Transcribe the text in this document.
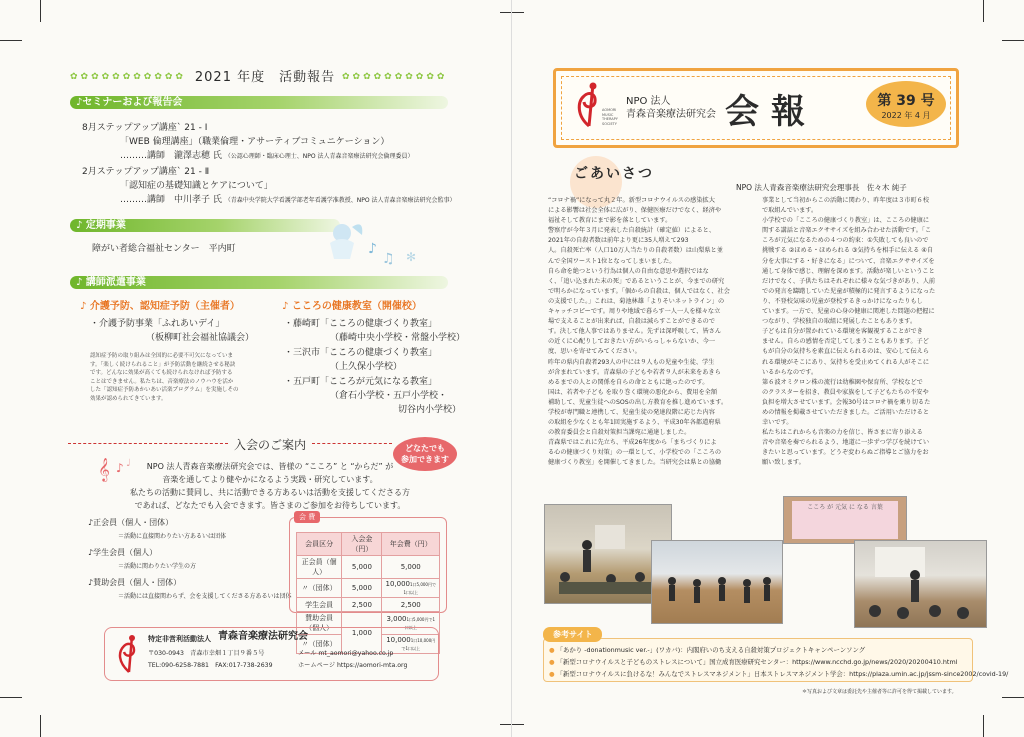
✿✿✿✿✿✿✿✿✿✿✿ 2021 年度　活動報告 ✿✿✿✿✿✿✿✿✿✿
♪セミナーおよび報告会
8月ステップアップ講座` 21 - Ⅰ
「WEB 倫理講座」（職業倫理・アサーティブコミュニケーション）
………講師　瀧澤志穂 氏 （公認心理師・臨床心理士、NPO 法人青森音楽療法研究会倫理委員）
2月ステップアップ講座` 21 - Ⅱ
「認知症の基礎知識とケアについて」
………講師　中川孝子 氏 （青森中央学院大学看護学部老年看護学准教授、NPO 法人青森音楽療法研究会監事）
♪ 定期事業
障がい者総合福祉センター　平内町	♪
♫ ✻
♪ 講師派遣事業
♪ 介護予防、認知症予防（主催者）
・介護予防事業「ふれあいデイ」
（板柳町社会福祉協議会）
認知症予防の取り組みは全国的に必要不可欠になっていま
す。「楽しく続けられること」が予防活動を継続させる秘訣
です。どんなに効果が高くても続けられなければ予防する
ことはできません。私たちは、音楽療法のノウハウを活か
した「認知症予防あかいあい活楽プログラム」を実施しその
効果が認められてきています。
♪ こころの健康教室（開催校）
・藤崎町「こころの健康づくり教室」
（藤崎中央小学校・常盤小学校）
・三沢市「こころの健康づくり教室」
（上久保小学校）
・五戸町「こころが元気になる教室」
（倉石小学校・五戸小学校・
切谷内小学校）
入会のご案内	どなたでも
参加できます
𝄞 ♪ ♩	NPO 法人青森音楽療法研究会では、皆様の “こころ” と “からだ” が
音楽を通してより健やかになるよう実践・研究しています。
私たちの活動に賛同し、共に活動できる方あるいは活動を支援してくださる方
であれば、どなたでも入会できます。皆さまのご参加をお待ちしています。
♪正会員（個人・団体）
＝活動に直接関わりたい方あるいは団体
♪学生会員（個人）
＝活動に関わりたい学生の方
♪賛助会員（個人・団体）
＝活動には直接関わらず、会を支援してくださる方あるいは団体
会員区分	入会金（円）	年会費（円）
正会員（個人）	5,000	5,000
〃（団体）	5,000	10,0001口5,000円で1口以上
学生会員	2,500	2,500
賛助会員（個人）	1,000	3,0001口5,000円で1口以上
〃（団体）		10,0001口10,000円で1口以上
会 費
特定非営利活動法人 青森音楽療法研究会
〒030-0943　青森市幸畑１丁目９番５号	メール mt_aomori@yahoo.co.jp
TEL:090-6258-7881　FAX:017-738-2639	ホームページ https://aomori-mta.org
AOMORI
MUSIC
THERAPY
SOCIETY
NPO 法人
青森音楽療法研究会 会報	第 39 号
2022 年 4 月
ごあいさつ
NPO 法人青森音楽療法研究会理事長　佐々木 純子
“コロナ禍”になって丸２年。新型コロナウイルスの感染拡大
による影響は社会全体に広がり、保健医療だけでなく、経済や
福祉そして教育にまで影を落としています。
警察庁が今年３月に発表した自殺統計（確定値）によると、
2021年の自殺者数は前年より更に35人増えて293
人。自殺死亡率（人口10万人当たりの自殺者数）は山梨県と並
んで全国ワースト1位となってしまいました。
自ら命を絶つという行為は個人の自由な意思や選択ではな
く、「追い込まれた末の死」であるということが、今までの研究
で明らかになっています。「個からの自殺は、個人ではなく、社会
の支援でした。」これは、菊池林雄「よりそいネットライン」の
キャッチコピーです。周りや地域で暮らす一人一人を様々な立
場で支えることが出来れば、自殺は減らすことができるので
す。決して他人事ではありません。先ずは深呼吸して、皆さん
の近くに心配りしておきたい方がいらっしゃらないか、今一
度、思いを寄せてみてください。
昨年の県内自殺者293人の中には９人もの児童や生徒、学生
が含まれています。青森県の子どもや若者９人が未来をあきら
めるまでの人との関係を自らの命とともに絶ったのです。
国は、若者や子ども を取り巻く環境の悪化から、費用を全額
補助して、児童生徒へのSOSの出し方教育を推し進めています。
学校が専門職と連携して、児童生徒の発達段階に応じた内容
の取組を少なくとも年1回実施するよう、平成30年各都道府県
の教育委員会と自殺対策担当課宛に通達しました。
青森県ではこれに先立ち、平成26年度から「まちづくりによ
る心の健康づくり対策」の一環として、小学校での「こころの
健康づくり教室」を開催してきました。当研究会は県との協働
事業として当初からこの活動に関わり、昨年度は３市町６校
で取組んでいます。
小学校での「こころの健康づくり教室」は、こころの健康に
関する講話と音楽エクササイズを組み合わせた活動です。「こ
ころが元気になるための４つの約束：①失敗しても良いので
挑戦する ②ほめる・ほめられる ③気持ちを相手に伝える ④自
分を大事にする・好きになる」について、音楽エクササイズを
通して身体で感じ、理解を深めます。活動が楽しいということ
だけでなく、子供たちはそれぞれに様々な気づきがあり、人前
での発言を躊躇していた児童が積極的に発言するようになった
り、不登校気味の児童が登校するきっかけになったりもし
ています。一方で、児童の心身の健康に関連した問題の把握に
つながり、学校独自の取組に発展したこともあります。
子どもは自分が置かれている環境を客観視することができ
ません。自らの感情を否定してしまうこともあります。子ど
もが自分の気持ちを素直に伝えられるのは、安心して伝えら
れる環境がそこにあり、気持ちを受止めてくれる人がそこに
いるからなのです。
第６波オミクロン株の流行は幼稚園や保育所、学校などで
のクラスターを招き、教員や家族をして子どもたちの不安や
負担を増大させています。会報30号はコロナ禍を乗り切るた
めの情報を掲載させていただきました。ご活用いただけると
幸いです。
私たちはこれからも音楽の力を信じ、皆さまに寄り添える
音や音楽を奏でられるよう、地道に一歩ずつ学びを続けてい
きたいと思っています。どうぞ変わらぬご指導とご協力をお
願い致します。
こころ が 元気 に なる 言葉
参考サイト
● 「あかり -donationmusic ver.-」(ワカバ)：内閣府いのち支える自殺対策プロジェクトキャンペーンソング
● 「新型コロナウイルスと子どものストレスについて」国立成育医療研究センター：https://www.ncchd.go.jp/news/2020/20200410.html
● 「新型コロナウイルスに負けるな！みんなでストレスマネジメント」日本ストレスマネジメント学会：https://plaza.umin.ac.jp/jssm-since2002/covid-19/
＊写真および文章は委託先や主催者等に許可を得て掲載しています。
